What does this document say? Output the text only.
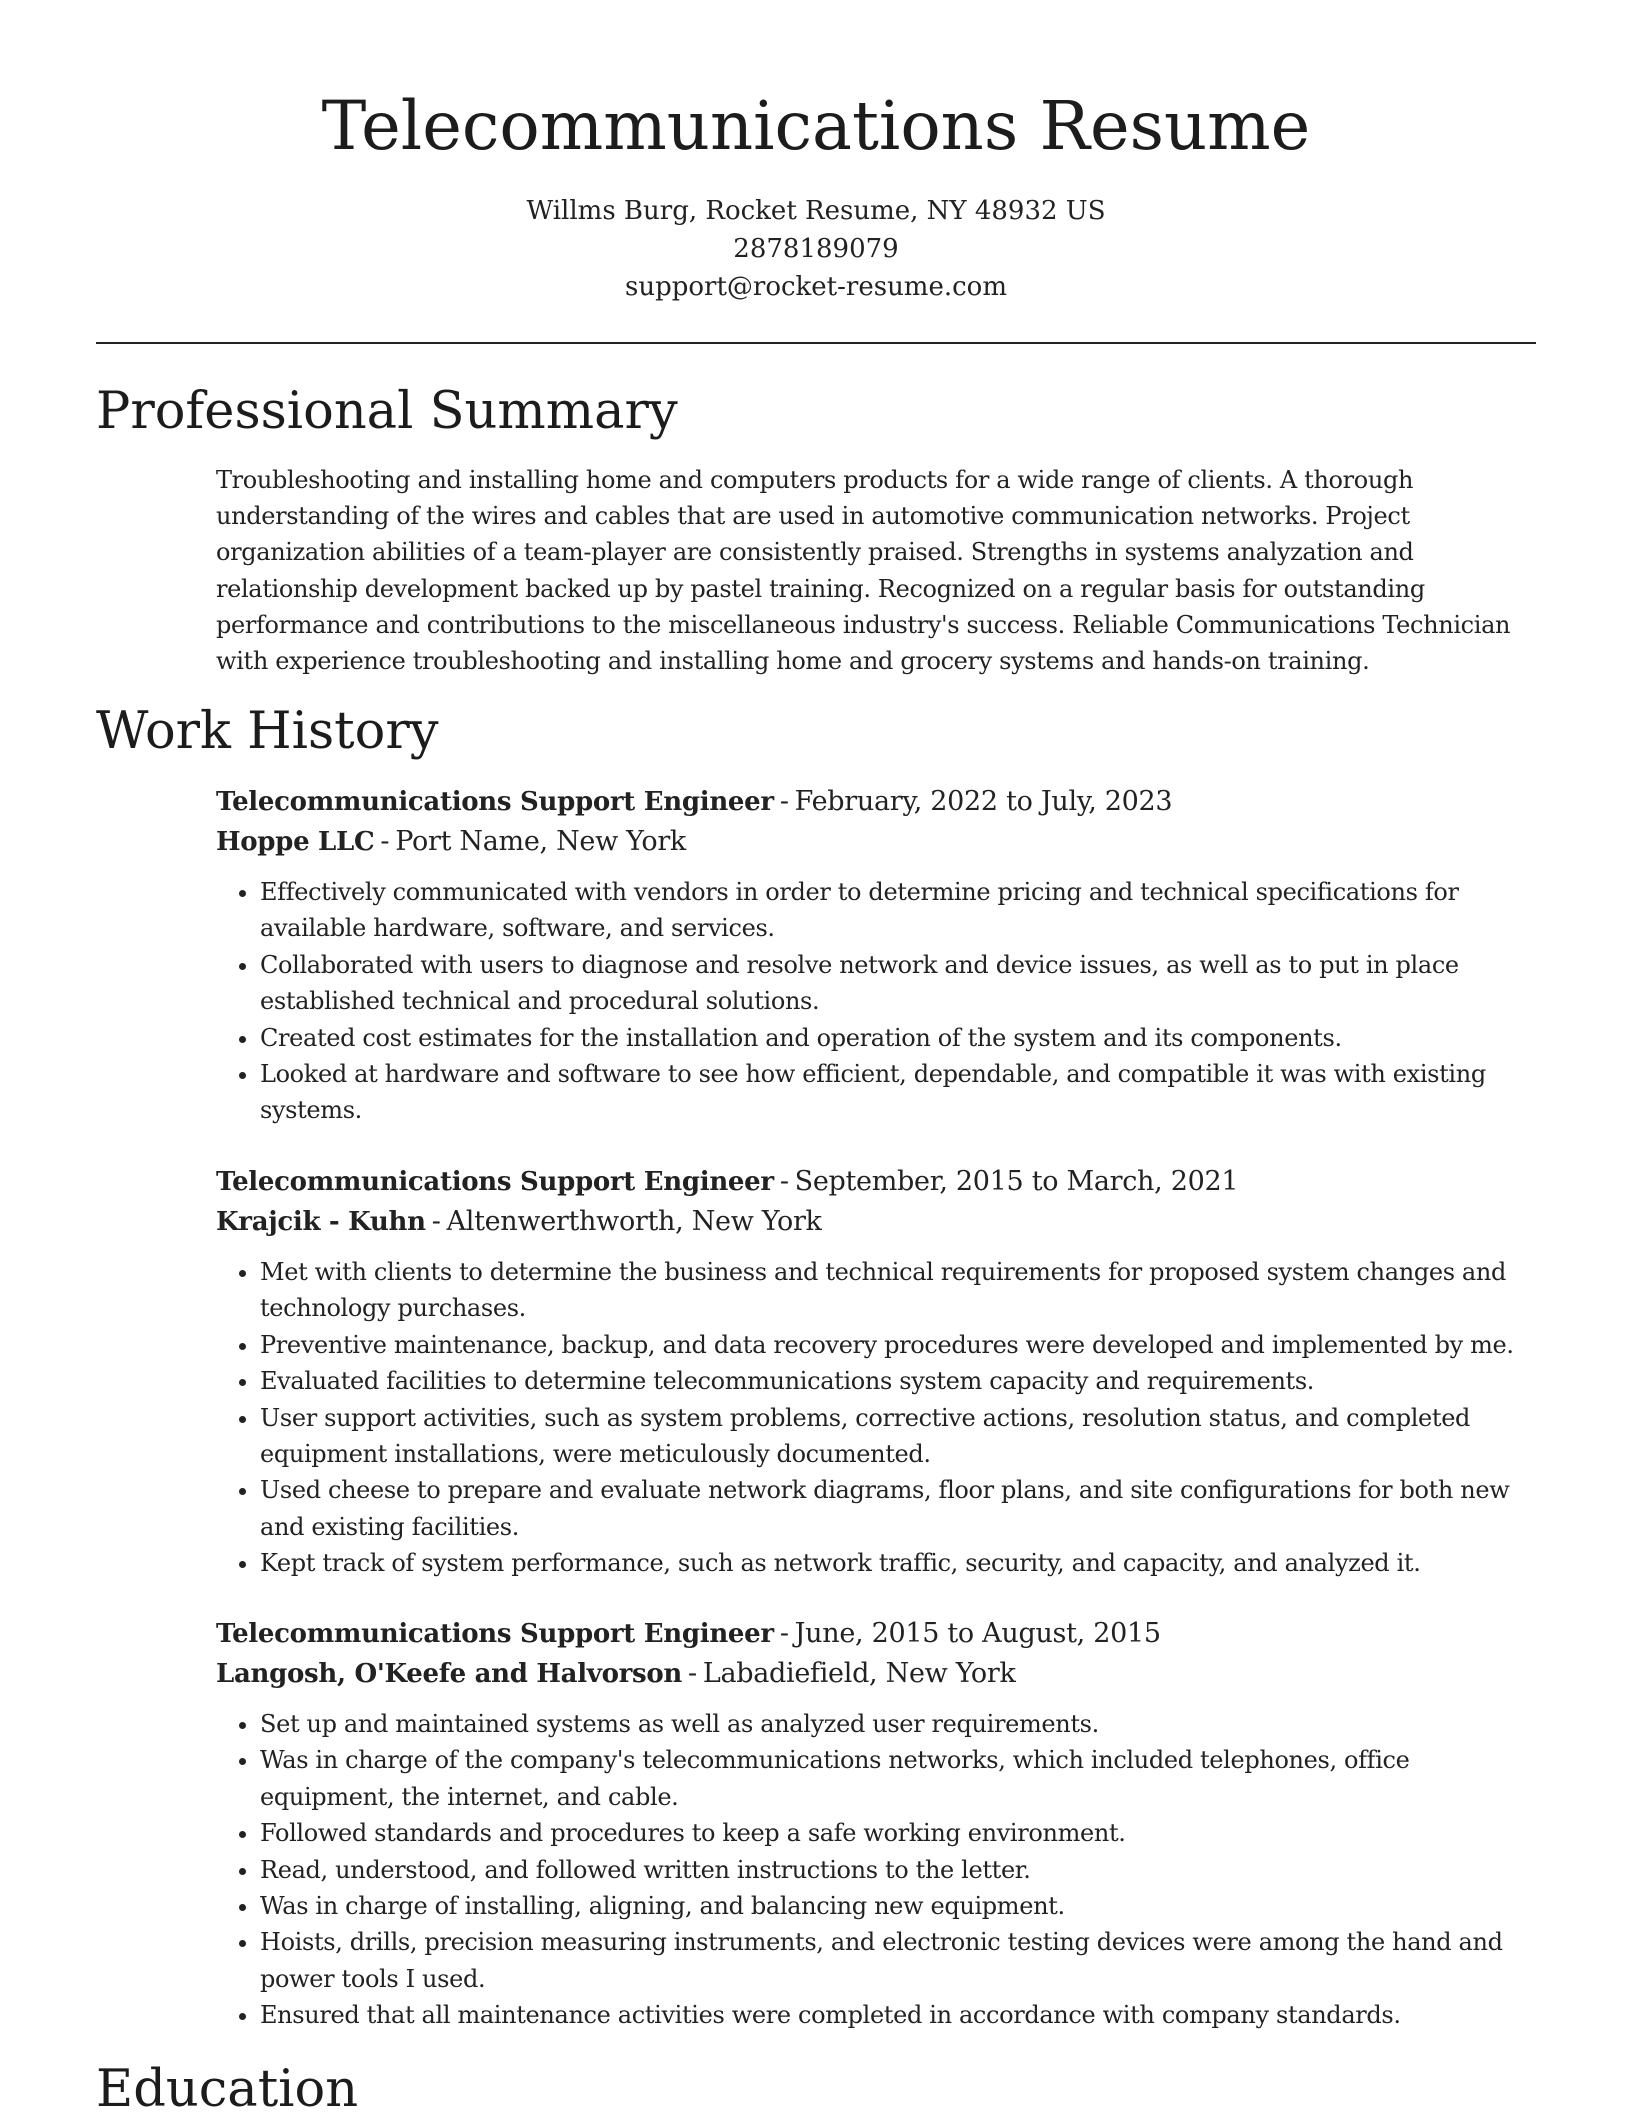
Telecommunications Resume
Willms Burg, Rocket Resume, NY 48932 US
2878189079
support@rocket-resume.com
Professional Summary

Troubleshooting and installing home and computers products for a wide range of clients. A thorough understanding of the wires and cables that are used in automotive communication networks. Project organization abilities of a team-player are consistently praised. Strengths in systems analyzation and relationship development backed up by pastel training. Recognized on a regular basis for outstanding performance and contributions to the miscellaneous industry's success. Reliable Communications Technician with experience troubleshooting and installing home and grocery systems and hands-on training.

Work History

Telecommunications Support Engineer - February, 2022 to July, 2023

Hoppe LLC - Port Name, New York

• Effectively communicated with vendors in order to determine pricing and technical specifications for available hardware, software, and services.
• Collaborated with users to diagnose and resolve network and device issues, as well as to put in place established technical and procedural solutions.
• Created cost estimates for the installation and operation of the system and its components.
• Looked at hardware and software to see how efficient, dependable, and compatible it was with existing systems.

Telecommunications Support Engineer - September, 2015 to March, 2021

Krajcik - Kuhn - Altenwerthworth, New York

• Met with clients to determine the business and technical requirements for proposed system changes and technology purchases.
• Preventive maintenance, backup, and data recovery procedures were developed and implemented by me.
• Evaluated facilities to determine telecommunications system capacity and requirements.
• User support activities, such as system problems, corrective actions, resolution status, and completed equipment installations, were meticulously documented.
• Used cheese to prepare and evaluate network diagrams, floor plans, and site configurations for both new and existing facilities.
• Kept track of system performance, such as network traffic, security, and capacity, and analyzed it.

Telecommunications Support Engineer - June, 2015 to August, 2015

Langosh, O'Keefe and Halvorson - Labadiefield, New York

• Set up and maintained systems as well as analyzed user requirements.
• Was in charge of the company's telecommunications networks, which included telephones, office equipment, the internet, and cable.
• Followed standards and procedures to keep a safe working environment.
• Read, understood, and followed written instructions to the letter.
• Was in charge of installing, aligning, and balancing new equipment.
• Hoists, drills, precision measuring instruments, and electronic testing devices were among the hand and power tools I used.
• Ensured that all maintenance activities were completed in accordance with company standards.
Education
